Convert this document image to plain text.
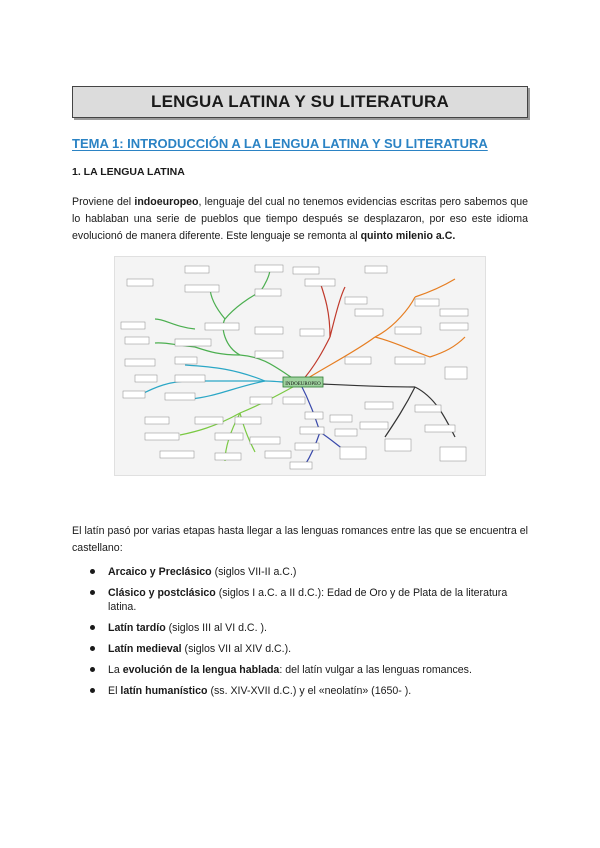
LENGUA LATINA Y SU LITERATURA
TEMA 1: INTRODUCCIÓN A LA LENGUA LATINA Y SU LITERATURA
1. LA LENGUA LATINA

Proviene del indoeuropeo, lenguaje del cual no tenemos evidencias escritas pero sabemos que lo hablaban una serie de pueblos que tiempo después se desplazaron, por eso este idioma evolucionó de manera diferente. Este lenguaje se remonta al quinto milenio a.C.

INDOEUROPEO

El latín pasó por varias etapas hasta llegar a las lenguas romances entre las que se encuentra el castellano:

Arcaico y Preclásico (siglos VII-II a.C.)
Clásico y postclásico (siglos I a.C. a II d.C.): Edad de Oro y de Plata de la literatura latina.
Latín tardío (siglos III al VI d.C. ).
Latín medieval (siglos VII al XIV d.C.).
La evolución de la lengua hablada: del latín vulgar a las lenguas romances.
El latín humanístico (ss. XIV-XVII d.C.) y el «neolatín» (1650- ).
